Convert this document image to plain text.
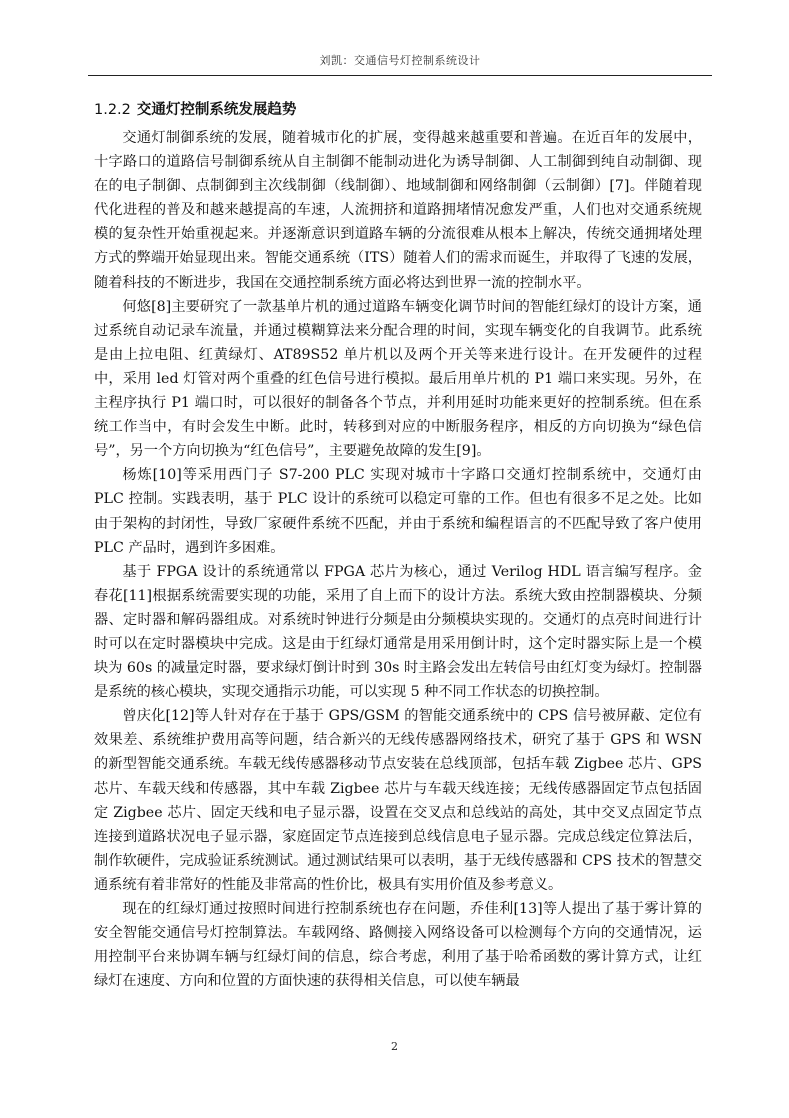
刘凯：交通信号灯控制系统设计
1.2.2 交通灯控制系统发展趋势

交通灯制御系统的发展，随着城市化的扩展，变得越来越重要和普遍。在近百年的发展中，十字路口的道路信号制御系统从自主制御不能制动进化为诱导制御、人工制御到纯自动制御、现在的电子制御、点制御到主次线制御（线制御）、地域制御和网络制御（云制御）[7]。伴随着现代化进程的普及和越来越提高的车速，人流拥挤和道路拥堵情况愈发严重，人们也对交通系统规模的复杂性开始重视起来。并逐渐意识到道路车辆的分流很难从根本上解决，传统交通拥堵处理方式的弊端开始显现出来。智能交通系统（ITS）随着人们的需求而诞生，并取得了飞速的发展，随着科技的不断进步，我国在交通控制系统方面必将达到世界一流的控制水平。

何悠[8]主要研究了一款基单片机的通过道路车辆变化调节时间的智能红绿灯的设计方案，通过系统自动记录车流量，并通过模糊算法来分配合理的时间，实现车辆变化的自我调节。此系统是由上拉电阻、红黄绿灯、AT89S52 单片机以及两个开关等来进行设计。在开发硬件的过程中，采用 led 灯管对两个重叠的红色信号进行模拟。最后用单片机的 P1 端口来实现。另外，在主程序执行 P1 端口时，可以很好的制备各个节点，并利用延时功能来更好的控制系统。但在系统工作当中，有时会发生中断。此时，转移到对应的中断服务程序，相反的方向切换为“绿色信号”，另一个方向切换为“红色信号”，主要避免故障的发生[9]。

杨炼[10]等采用西门子 S7-200 PLC 实现对城市十字路口交通灯控制系统中，交通灯由 PLC 控制。实践表明，基于 PLC 设计的系统可以稳定可靠的工作。但也有很多不足之处。比如由于架构的封闭性，导致厂家硬件系统不匹配，并由于系统和编程语言的不匹配导致了客户使用 PLC 产品时，遇到许多困难。

基于 FPGA 设计的系统通常以 FPGA 芯片为核心，通过 Verilog HDL 语言编写程序。金春花[11]根据系统需要实现的功能，采用了自上而下的设计方法。系统大致由控制器模块、分频器、定时器和解码器组成。对系统时钟进行分频是由分频模块实现的。交通灯的点亮时间进行计时可以在定时器模块中完成。这是由于红绿灯通常是用采用倒计时，这个定时器实际上是一个模块为 60s 的减量定时器，要求绿灯倒计时到 30s 时主路会发出左转信号由红灯变为绿灯。控制器是系统的核心模块，实现交通指示功能，可以实现 5 种不同工作状态的切换控制。

曾庆化[12]等人针对存在于基于 GPS/GSM 的智能交通系统中的 CPS 信号被屏蔽、定位有效果差、系统维护费用高等问题，结合新兴的无线传感器网络技术，研究了基于 GPS 和 WSN 的新型智能交通系统。车载无线传感器移动节点安装在总线顶部，包括车载 Zigbee 芯片、GPS 芯片、车载天线和传感器，其中车载 Zigbee 芯片与车载天线连接；无线传感器固定节点包括固定 Zigbee 芯片、固定天线和电子显示器，设置在交叉点和总线站的高处，其中交叉点固定节点连接到道路状况电子显示器，家庭固定节点连接到总线信息电子显示器。完成总线定位算法后，制作软硬件，完成验证系统测试。通过测试结果可以表明，基于无线传感器和 CPS 技术的智慧交通系统有着非常好的性能及非常高的性价比，极具有实用价值及参考意义。

现在的红绿灯通过按照时间进行控制系统也存在问题，乔佳利[13]等人提出了基于雾计算的安全智能交通信号灯控制算法。车载网络、路侧接入网络设备可以检测每个方向的交通情况，运用控制平台来协调车辆与红绿灯间的信息，综合考虑，利用了基于哈希函数的雾计算方式，让红绿灯在速度、方向和位置的方面快速的获得相关信息，可以使车辆最

2
